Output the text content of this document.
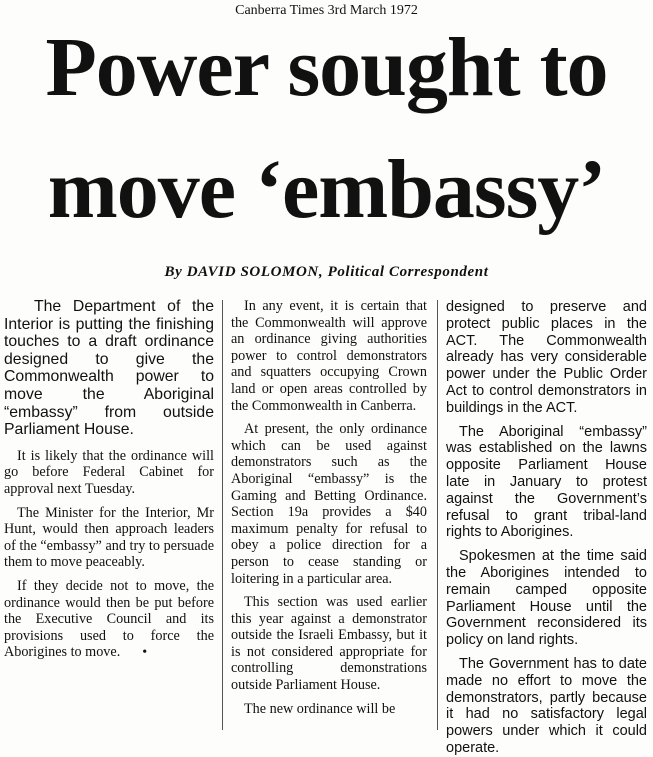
Canberra Times 3rd March 1972
Power sought to
move ‘embassy’
By DAVID SOLOMON, Political Correspondent

The Department of the Interior is putting the finishing touches to a draft ordinance designed to give the Commonwealth power to move the Aboriginal “embassy” from outside Parliament House.

It is likely that the ordinance will go before Federal Cabinet for approval next Tuesday.

The Minister for the Interior, Mr Hunt, would then approach leaders of the “embassy” and try to persuade them to move peaceably.

If they decide not to move, the ordinance would then be put before the Executive Council and its provisions used to force the Aborigines to move. •

In any event, it is certain that the Commonwealth will approve an ordinance giving authorities power to control demonstrators and squatters occupying Crown land or open areas controlled by the Commonwealth in Canberra.

At present, the only ordinance which can be used against demonstrators such as the Aboriginal “embassy” is the Gaming and Betting Ordinance. Section 19a provides a $40 maximum penalty for refusal to obey a police direction for a person to cease standing or loitering in a particular area.

This section was used earlier this year against a demonstrator outside the Israeli Embassy, but it is not considered appropriate for controlling demonstrations outside Parliament House.

The new ordinance will be

designed to preserve and protect public places in the ACT. The Commonwealth already has very considerable power under the Public Order Act to control demonstrators in buildings in the ACT.

The Aboriginal “embassy” was established on the lawns opposite Parliament House late in January to protest against the Government’s refusal to grant tribal-land rights to Aborigines.

Spokesmen at the time said the Aborigines intended to remain camped opposite Parliament House until the Government reconsidered its policy on land rights.

The Government has to date made no effort to move the demonstrators, partly because it had no satisfactory legal powers under which it could operate.
